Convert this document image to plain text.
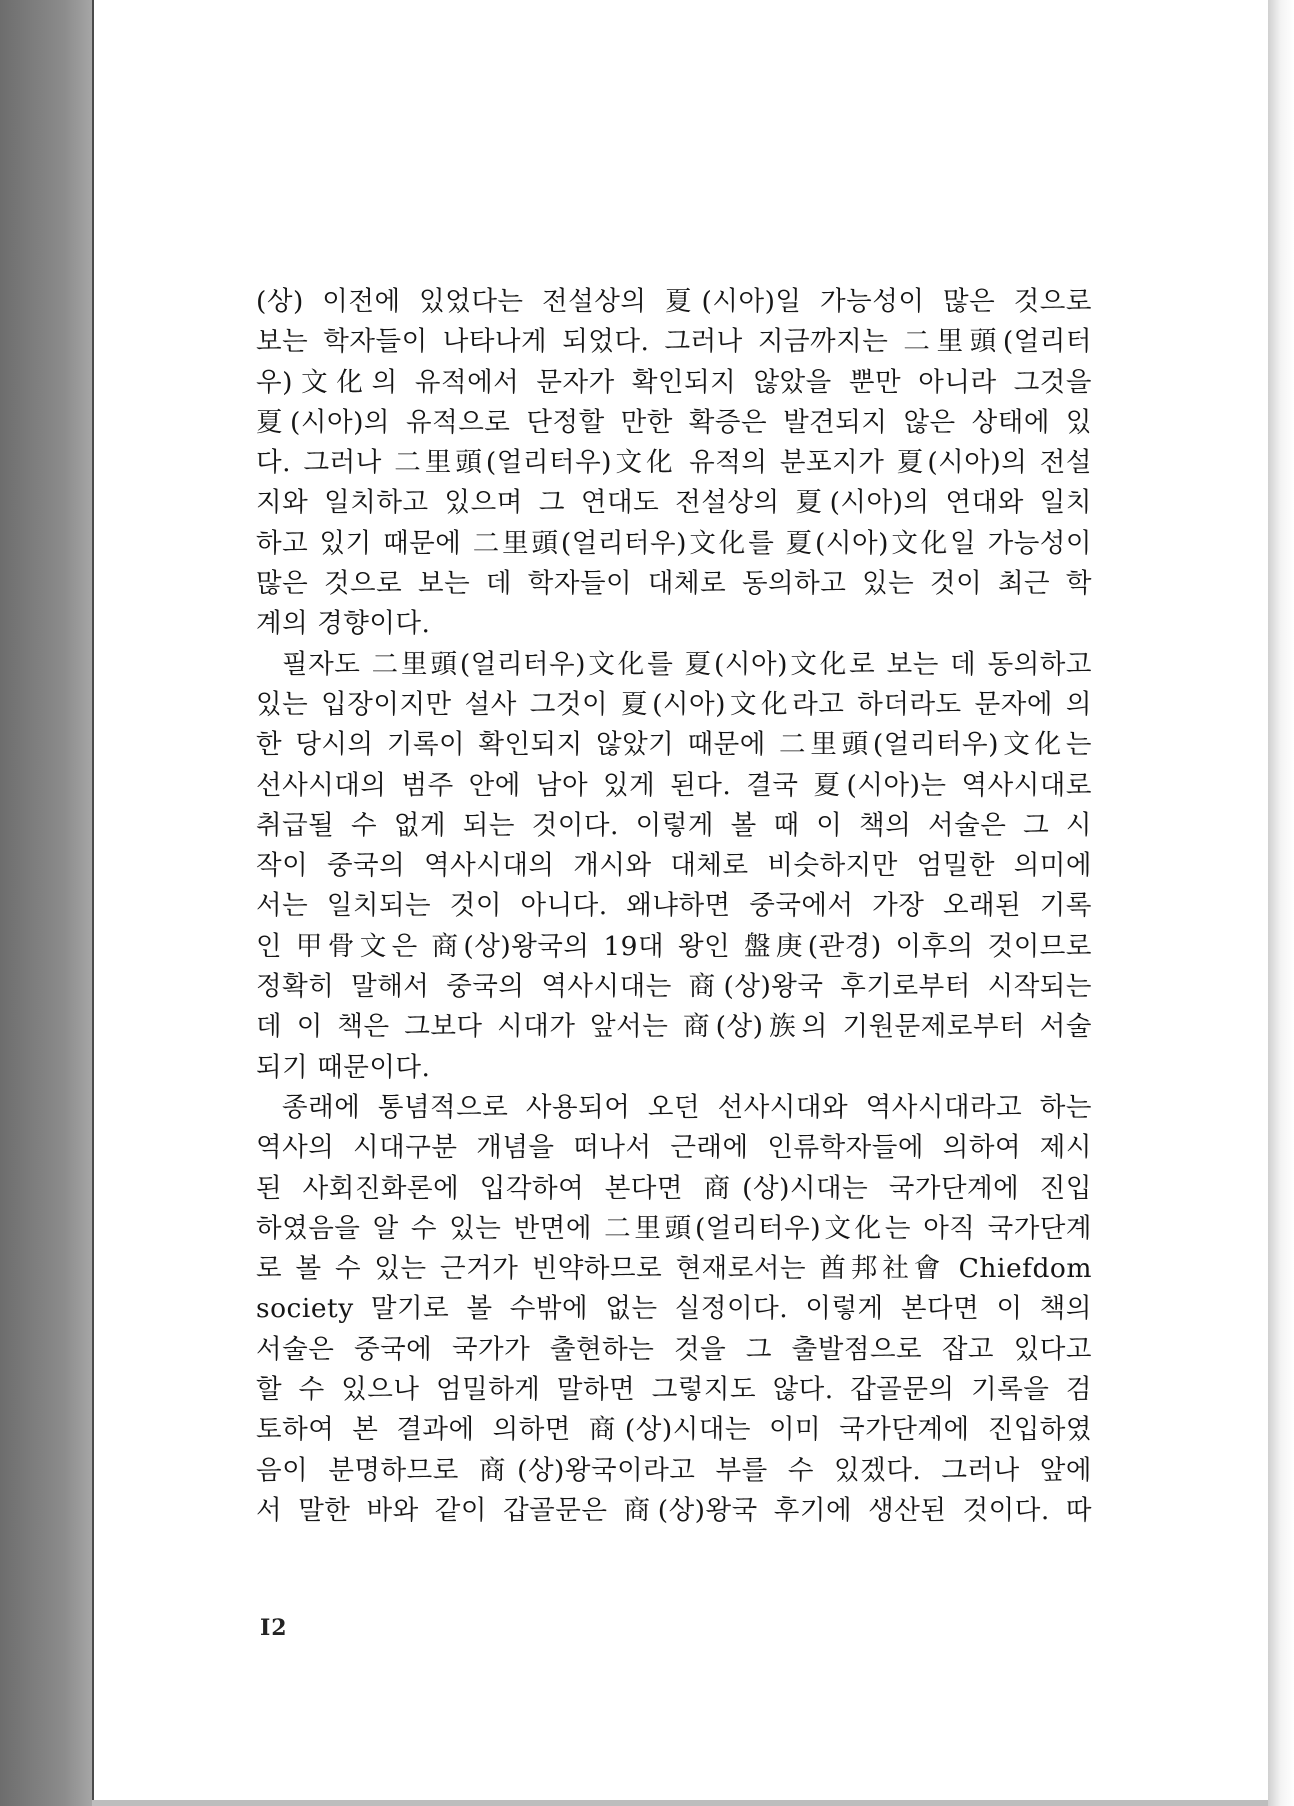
(상) 이전에 있었다는 전설상의 夏(시아)일 가능성이 많은 것으로
보는 학자들이 나타나게 되었다. 그러나 지금까지는 二里頭(얼리터
우)文化의 유적에서 문자가 확인되지 않았을 뿐만 아니라 그것을
夏(시아)의 유적으로 단정할 만한 확증은 발견되지 않은 상태에 있
다. 그러나 二里頭(얼리터우)文化 유적의 분포지가 夏(시아)의 전설
지와 일치하고 있으며 그 연대도 전설상의 夏(시아)의 연대와 일치
하고 있기 때문에 二里頭(얼리터우)文化를 夏(시아)文化일 가능성이
많은 것으로 보는 데 학자들이 대체로 동의하고 있는 것이 최근 학
계의 경향이다.
필자도 二里頭(얼리터우)文化를 夏(시아)文化로 보는 데 동의하고
있는 입장이지만 설사 그것이 夏(시아)文化라고 하더라도 문자에 의
한 당시의 기록이 확인되지 않았기 때문에 二里頭(얼리터우)文化는
선사시대의 범주 안에 남아 있게 된다. 결국 夏(시아)는 역사시대로
취급될 수 없게 되는 것이다. 이렇게 볼 때 이 책의 서술은 그 시
작이 중국의 역사시대의 개시와 대체로 비슷하지만 엄밀한 의미에
서는 일치되는 것이 아니다. 왜냐하면 중국에서 가장 오래된 기록
인 甲骨文은 商(상)왕국의 19대 왕인 盤庚(관경) 이후의 것이므로
정확히 말해서 중국의 역사시대는 商(상)왕국 후기로부터 시작되는
데 이 책은 그보다 시대가 앞서는 商(상)族의 기원문제로부터 서술
되기 때문이다.
종래에 통념적으로 사용되어 오던 선사시대와 역사시대라고 하는
역사의 시대구분 개념을 떠나서 근래에 인류학자들에 의하여 제시
된 사회진화론에 입각하여 본다면 商(상)시대는 국가단계에 진입
하였음을 알 수 있는 반면에 二里頭(얼리터우)文化는 아직 국가단계
로 볼 수 있는 근거가 빈약하므로 현재로서는 酋邦社會 Chiefdom
society 말기로 볼 수밖에 없는 실정이다. 이렇게 본다면 이 책의
서술은 중국에 국가가 출현하는 것을 그 출발점으로 잡고 있다고
할 수 있으나 엄밀하게 말하면 그렇지도 않다. 갑골문의 기록을 검
토하여 본 결과에 의하면 商(상)시대는 이미 국가단계에 진입하였
음이 분명하므로 商(상)왕국이라고 부를 수 있겠다. 그러나 앞에
서 말한 바와 같이 갑골문은 商(상)왕국 후기에 생산된 것이다. 따
I2
